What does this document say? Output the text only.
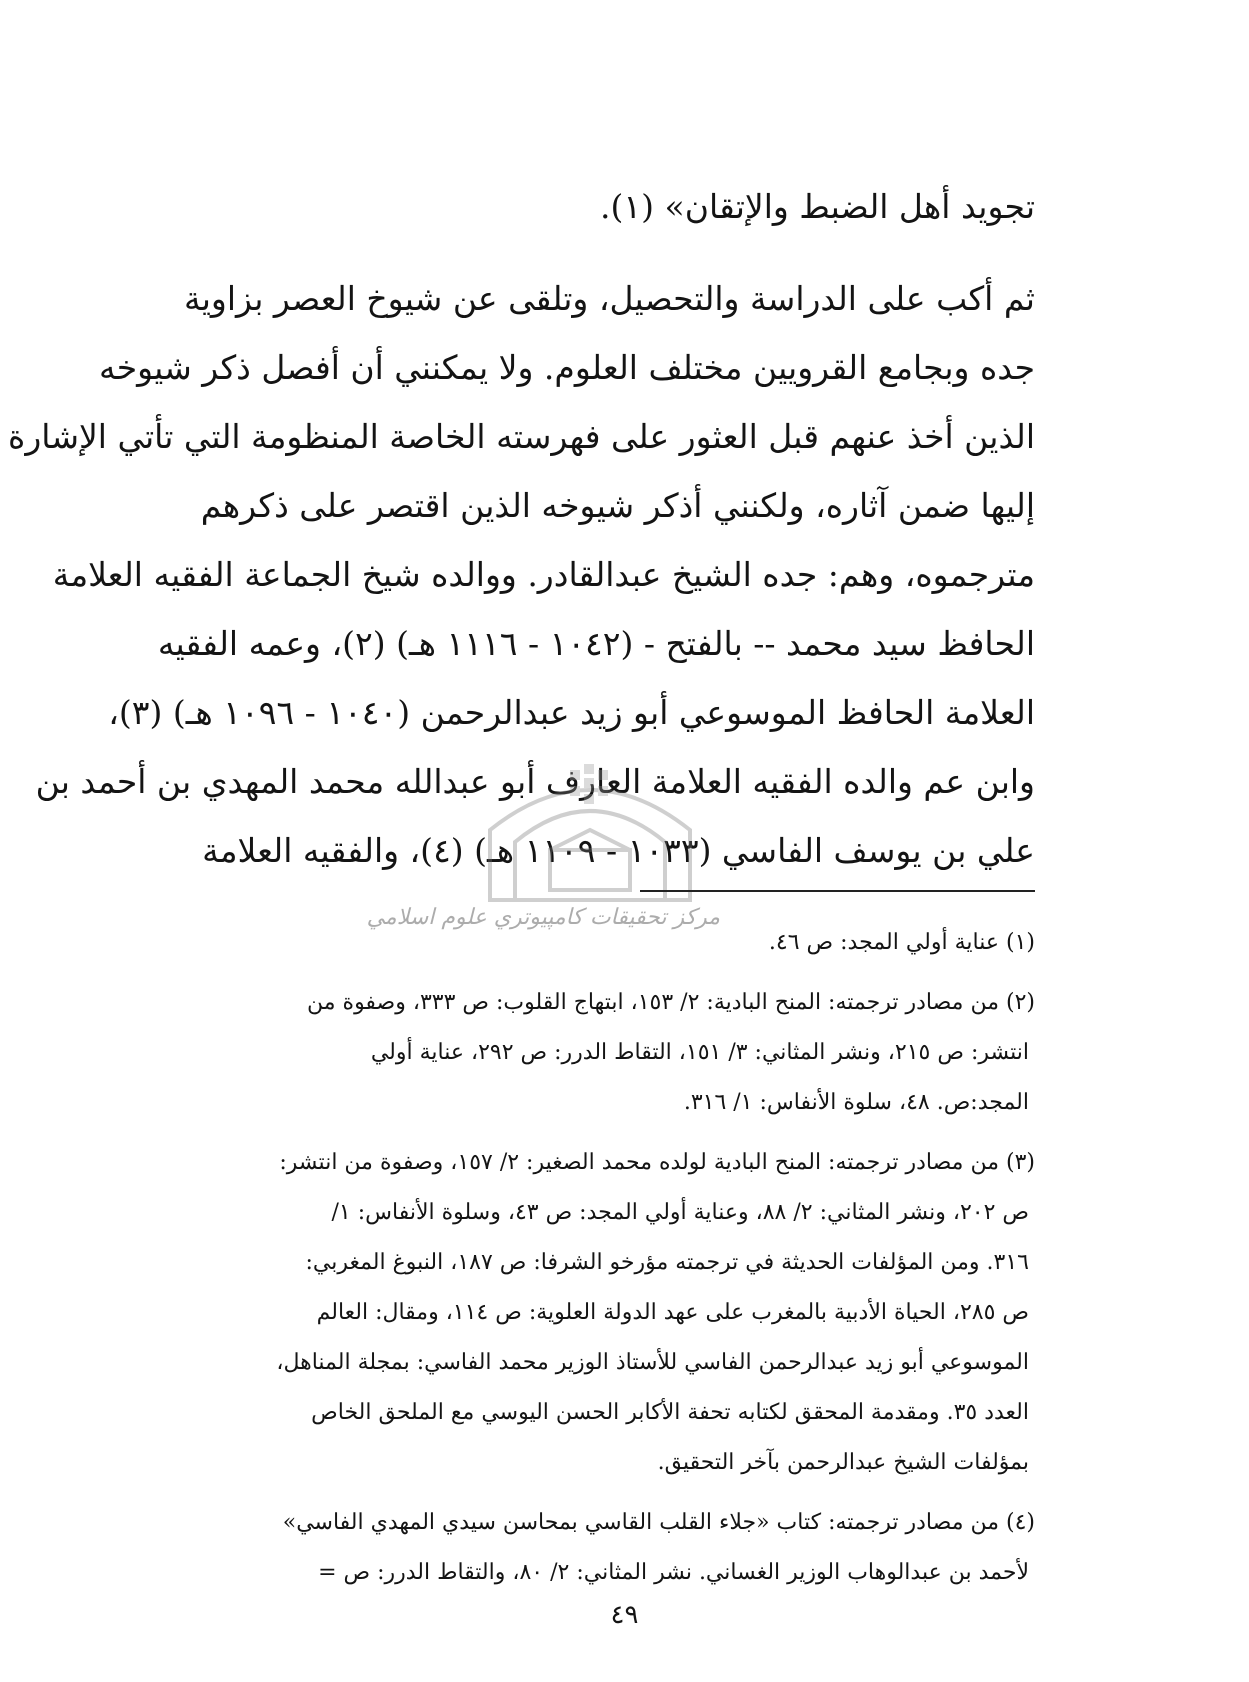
تجويد أهل الضبط والإتقان» (١).
ثم أكب على الدراسة والتحصيل، وتلقى عن شيوخ العصر بزاوية
جده وبجامع القرويين مختلف العلوم. ولا يمكنني أن أفصل ذكر شيوخه
الذين أخذ عنهم قبل العثور على فهرسته الخاصة المنظومة التي تأتي الإشارة
إليها ضمن آثاره، ولكنني أذكر شيوخه الذين اقتصر على ذكرهم
مترجموه، وهم: جده الشيخ عبدالقادر. ووالده شيخ الجماعة الفقيه العلامة
الحافظ سيد محمد -- بالفتح - (١٠٤٢ - ١١١٦ هـ) (٢)، وعمه الفقيه
العلامة الحافظ الموسوعي أبو زيد عبدالرحمن (١٠٤٠ - ١٠٩٦ هـ) (٣)،
وابن عم والده الفقيه العلامة العارف أبو عبدالله محمد المهدي بن أحمد بن
علي بن يوسف الفاسي (١٠٣٣ - ١١٠٩ هـ) (٤)، والفقيه العلامة
مركز تحقيقات كامپيوتري علوم اسلامي
(١) عناية أولي المجد: ص ٤٦.
(٢) من مصادر ترجمته: المنح البادية: ٢/ ١٥٣، ابتهاج القلوب: ص ٣٣٣، وصفوة من
انتشر: ص ٢١٥، ونشر المثاني: ٣/ ١٥١، التقاط الدرر: ص ٢٩٢، عناية أولي
المجد:ص. ٤٨، سلوة الأنفاس: ١/ ٣١٦.
(٣) من مصادر ترجمته: المنح البادية لولده محمد الصغير: ٢/ ١٥٧، وصفوة من انتشر:
ص ٢٠٢، ونشر المثاني: ٢/ ٨٨، وعناية أولي المجد: ص ٤٣، وسلوة الأنفاس: ١/
٣١٦. ومن المؤلفات الحديثة في ترجمته مؤرخو الشرفا: ص ١٨٧، النبوغ المغربي:
ص ٢٨٥، الحياة الأدبية بالمغرب على عهد الدولة العلوية: ص ١١٤، ومقال: العالم
الموسوعي أبو زيد عبدالرحمن الفاسي للأستاذ الوزير محمد الفاسي: بمجلة المناهل،
العدد ٣٥. ومقدمة المحقق لكتابه تحفة الأكابر الحسن اليوسي مع الملحق الخاص
بمؤلفات الشيخ عبدالرحمن بآخر التحقيق.
(٤) من مصادر ترجمته: كتاب «جلاء القلب القاسي بمحاسن سيدي المهدي الفاسي»
لأحمد بن عبدالوهاب الوزير الغساني. نشر المثاني: ٢/ ٨٠، والتقاط الدرر: ص =
٤٩
